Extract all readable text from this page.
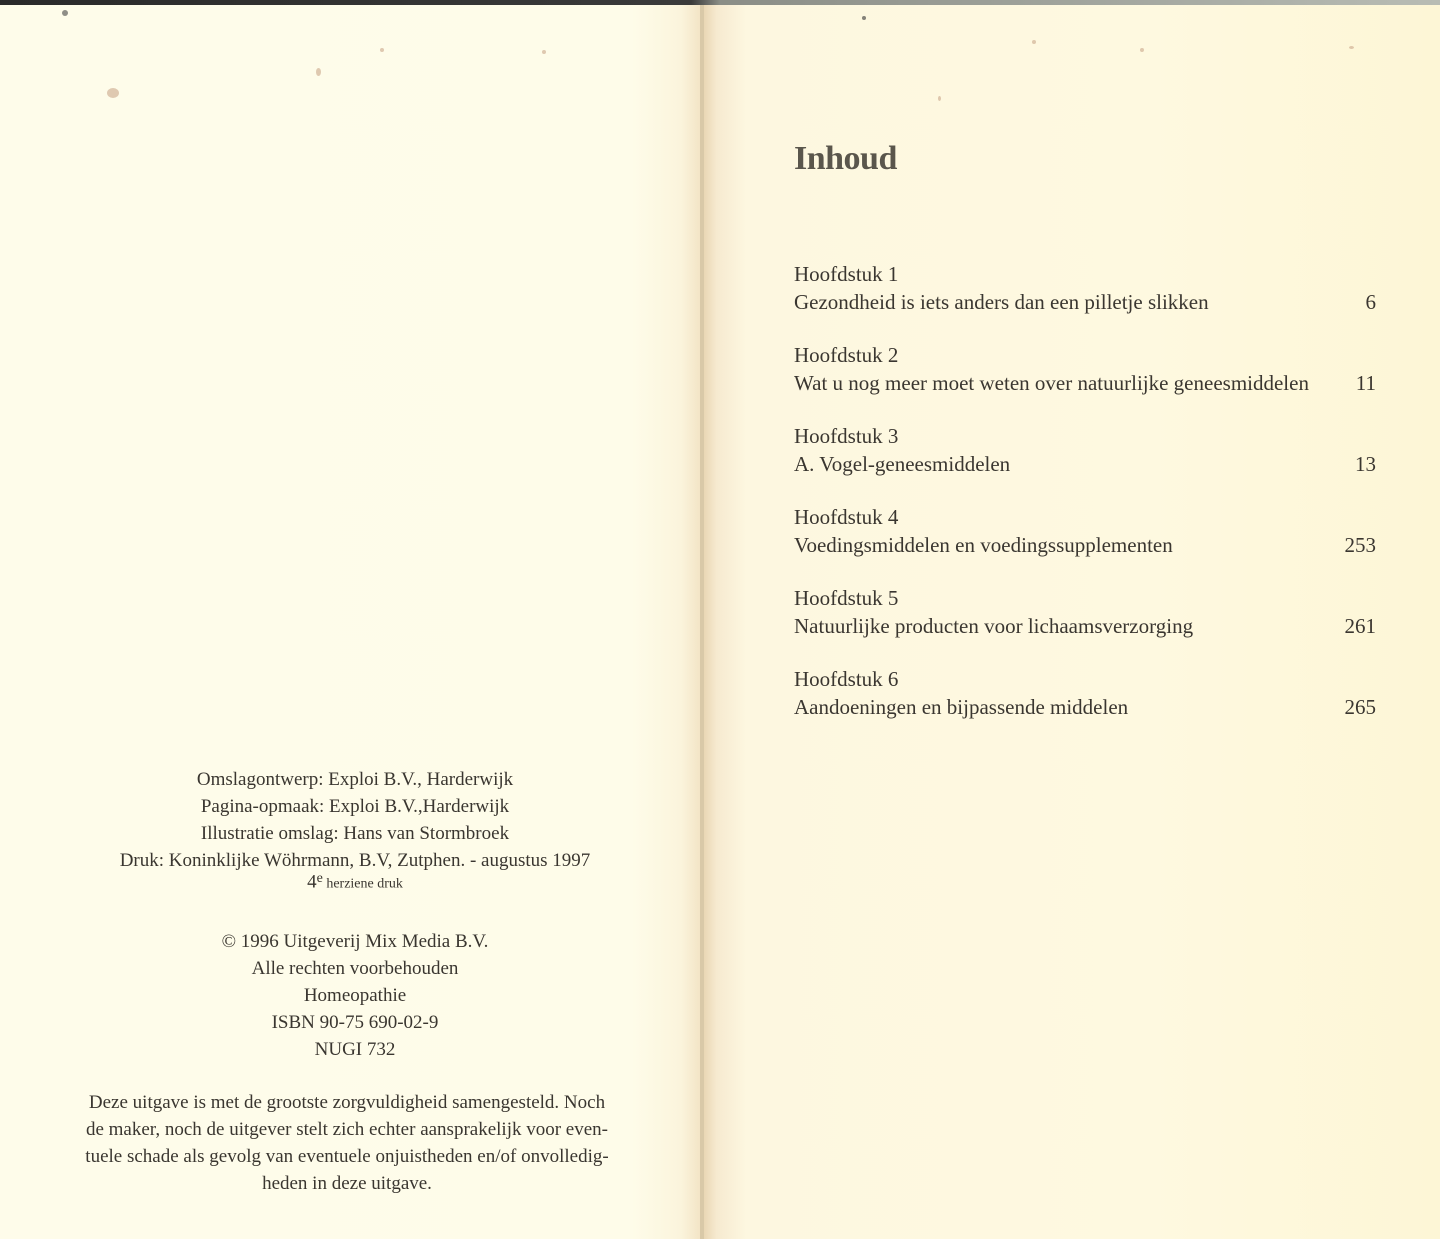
Omslagontwerp: Exploi B.V., Harderwijk
Pagina-opmaak: Exploi B.V.,Harderwijk
Illustratie omslag: Hans van Stormbroek
Druk: Koninklijke Wöhrmann, B.V, Zutphen. - augustus 1997
4e herziene druk
© 1996 Uitgeverij Mix Media B.V.
Alle rechten voorbehouden
Homeopathie
ISBN 90-75 690-02-9
NUGI 732
Deze uitgave is met de grootste zorgvuldigheid samengesteld. Noch
de maker, noch de uitgever stelt zich echter aansprakelijk voor even-
tuele schade als gevolg van eventuele onjuistheden en/of onvolledig-
heden in deze uitgave.
Inhoud
Hoofdstuk 1
Gezondheid is iets anders dan een pilletje slikken	6
Hoofdstuk 2
Wat u nog meer moet weten over natuurlijke geneesmiddelen 11
Hoofdstuk 3
A. Vogel-geneesmiddelen	13
Hoofdstuk 4
Voedingsmiddelen en voedingssupplementen	253
Hoofdstuk 5
Natuurlijke producten voor lichaamsverzorging	261
Hoofdstuk 6
Aandoeningen en bijpassende middelen	265
